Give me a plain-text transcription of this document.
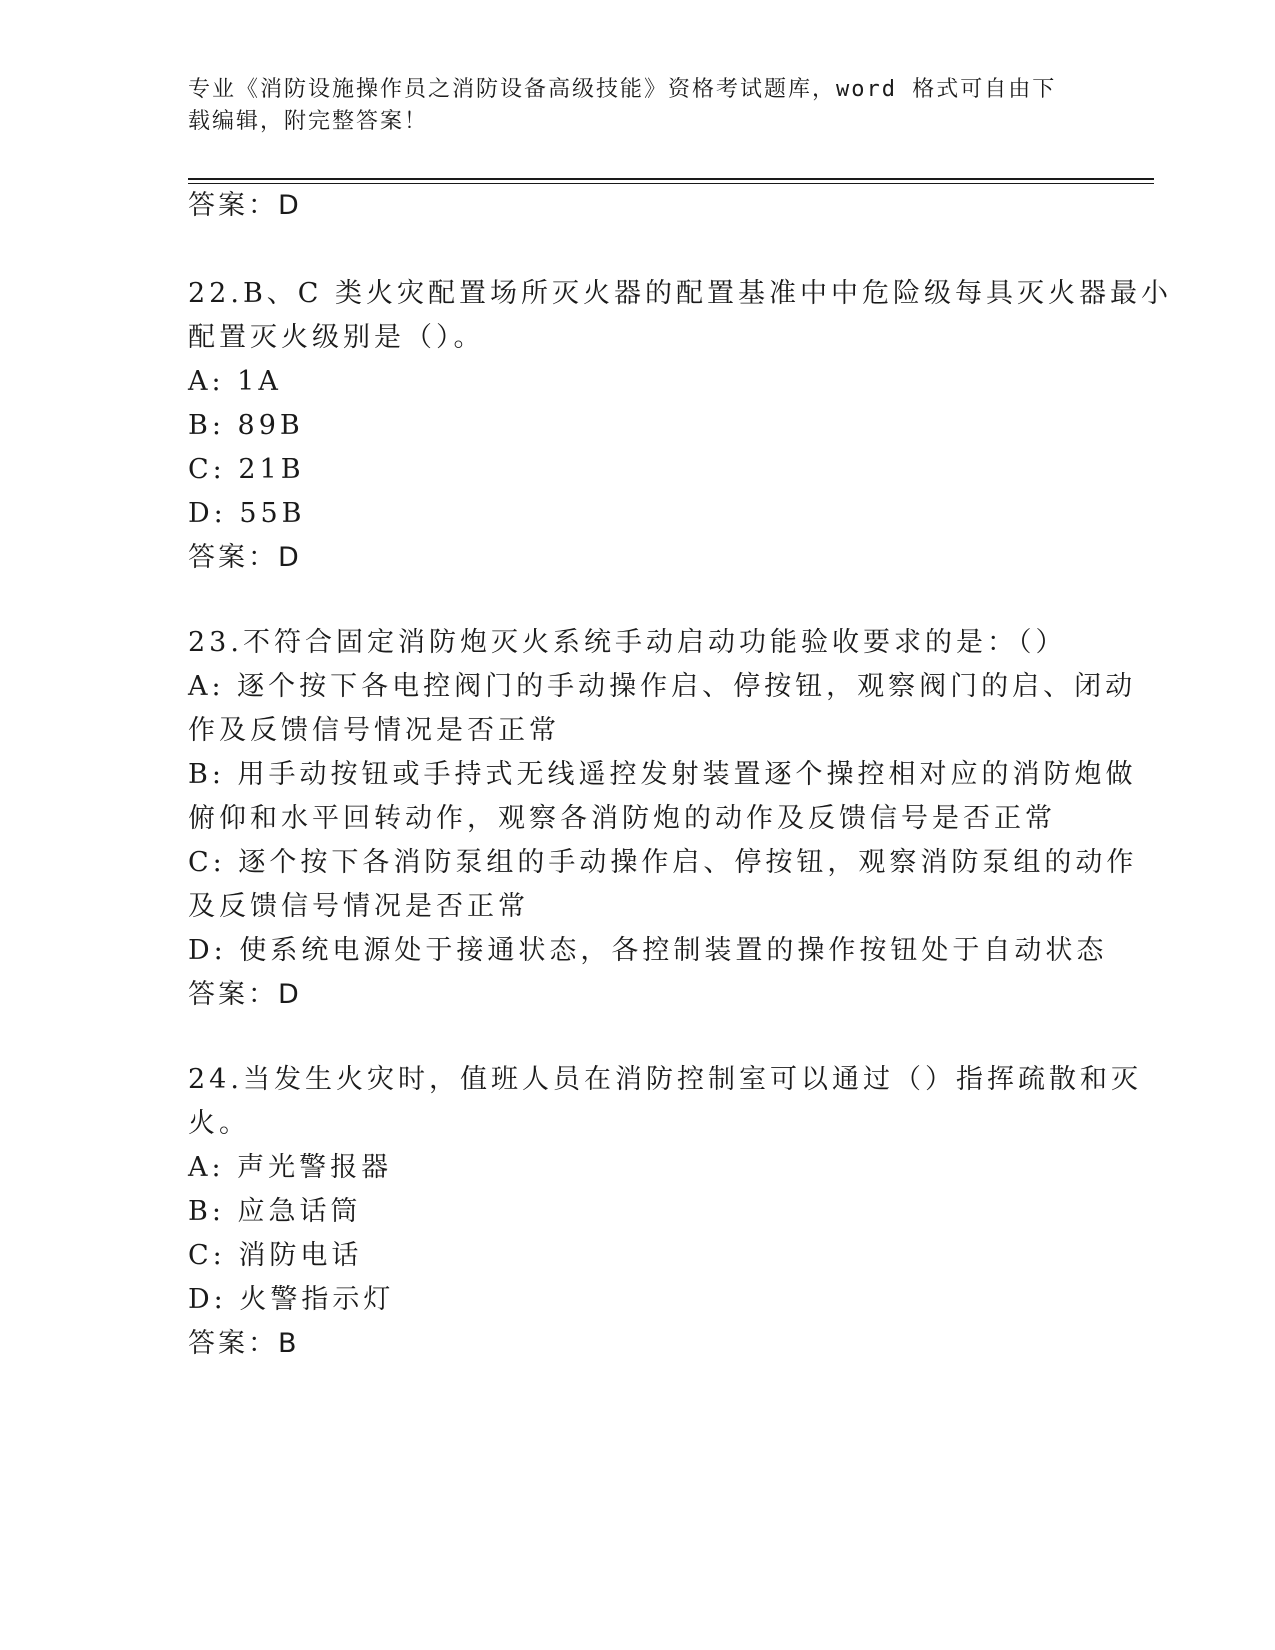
专业《消防设施操作员之消防设备高级技能》资格考试题库，word 格式可自由下
载编辑，附完整答案！
答案：D
22.B、C 类火灾配置场所灭火器的配置基准中中危险级每具灭火器最小
配置灭火级别是（）。
A: 1A
B: 89B
C: 21B
D: 55B
答案：D
23.不符合固定消防炮灭火系统手动启动功能验收要求的是：（）
A: 逐个按下各电控阀门的手动操作启、停按钮，观察阀门的启、闭动
作及反馈信号情况是否正常
B: 用手动按钮或手持式无线遥控发射装置逐个操控相对应的消防炮做
俯仰和水平回转动作，观察各消防炮的动作及反馈信号是否正常
C: 逐个按下各消防泵组的手动操作启、停按钮，观察消防泵组的动作
及反馈信号情况是否正常
D: 使系统电源处于接通状态，各控制装置的操作按钮处于自动状态
答案：D
24.当发生火灾时，值班人员在消防控制室可以通过（）指挥疏散和灭
火。
A: 声光警报器
B: 应急话筒
C: 消防电话
D: 火警指示灯
答案：B
